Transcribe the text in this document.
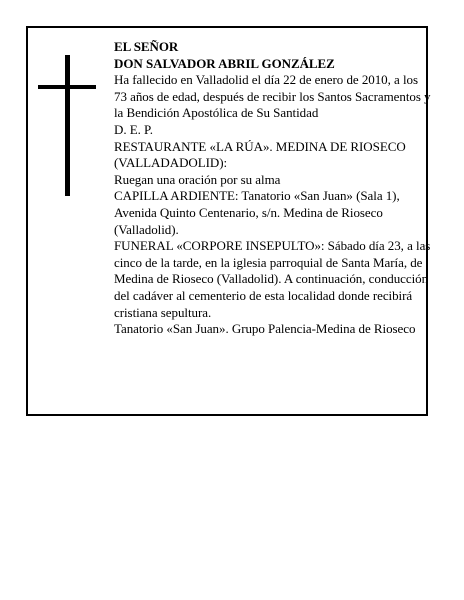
EL SEÑOR

DON SALVADOR ABRIL GONZÁLEZ

Ha fallecido en Valladolid el día 22 de enero de 2010, a los 73 años de edad, después de recibir los Santos Sacramentos y la Bendición Apostólica de Su Santidad

D. E. P.

RESTAURANTE «LA RÚA». MEDINA DE RIOSECO (VALLADADOLID):

Ruegan una oración por su alma

CAPILLA ARDIENTE: Tanatorio «San Juan» (Sala 1), Avenida Quinto Centenario, s/n. Medina de Rioseco (Valladolid).

FUNERAL «CORPORE INSEPULTO»: Sábado día 23, a las cinco de la tarde, en la iglesia parroquial de Santa María, de Medina de Rioseco (Valladolid). A continuación, conducción del cadáver al cementerio de esta localidad donde recibirá cristiana sepultura.

Tanatorio «San Juan». Grupo Palencia-Medina de Rioseco
